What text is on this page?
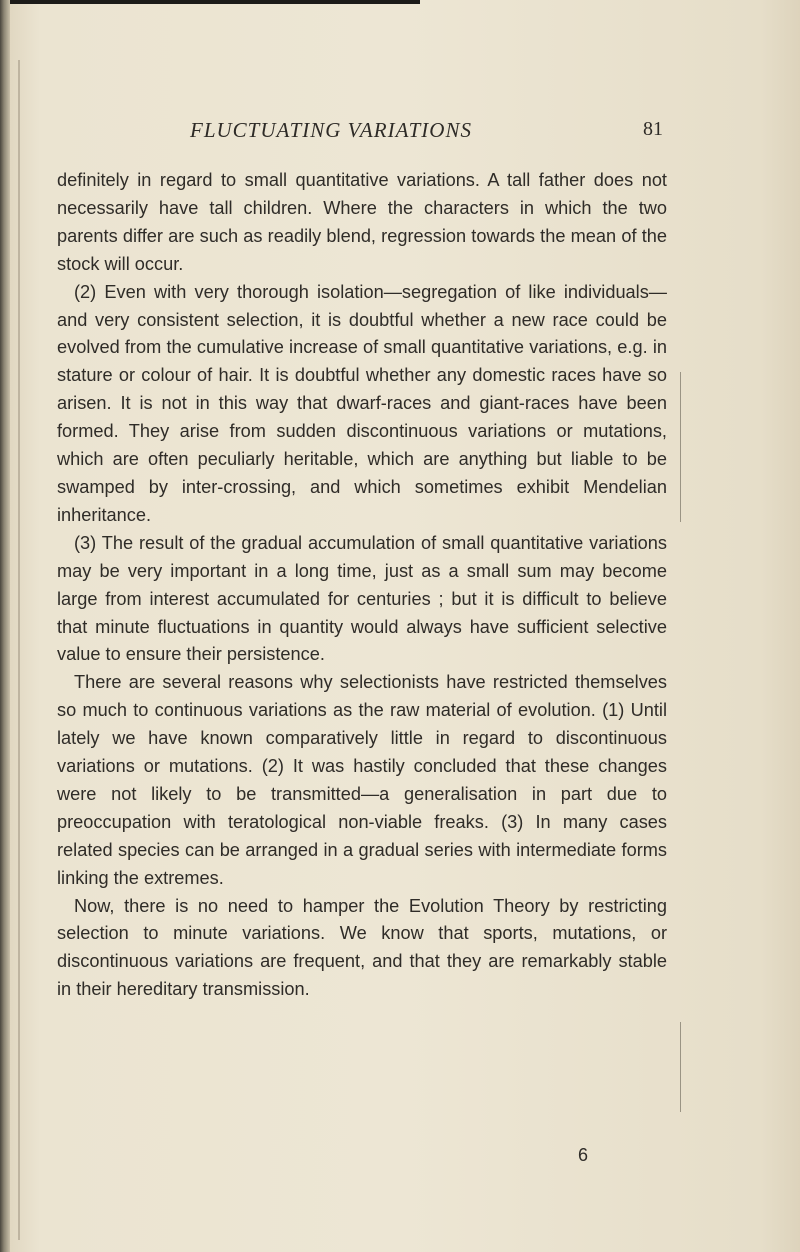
FLUCTUATING VARIATIONS	81

definitely in regard to small quantitative variations. A tall father does not necessarily have tall children. Where the characters in which the two parents differ are such as readily blend, regression towards the mean of the stock will occur.

(2) Even with very thorough isolation—segregation of like individuals—and very consistent selection, it is doubtful whether a new race could be evolved from the cumulative increase of small quantitative variations, e.g. in stature or colour of hair. It is doubtful whether any domestic races have so arisen. It is not in this way that dwarf-races and giant-races have been formed. They arise from sudden discontinuous variations or mutations, which are often peculiarly heritable, which are anything but liable to be swamped by inter-crossing, and which sometimes exhibit Mendelian inheritance.

(3) The result of the gradual accumulation of small quantitative variations may be very important in a long time, just as a small sum may become large from interest accumulated for centuries ; but it is difficult to believe that minute fluctuations in quantity would always have sufficient selective value to ensure their persistence.

There are several reasons why selectionists have restricted themselves so much to continuous variations as the raw material of evolution. (1) Until lately we have known comparatively little in regard to discontinuous variations or mutations. (2) It was hastily concluded that these changes were not likely to be transmitted—a generalisation in part due to preoccupation with teratological non-viable freaks. (3) In many cases related species can be arranged in a gradual series with intermediate forms linking the extremes.

Now, there is no need to hamper the Evolution Theory by restricting selection to minute variations. We know that sports, mutations, or discontinuous variations are frequent, and that they are remarkably stable in their hereditary transmission.

6
